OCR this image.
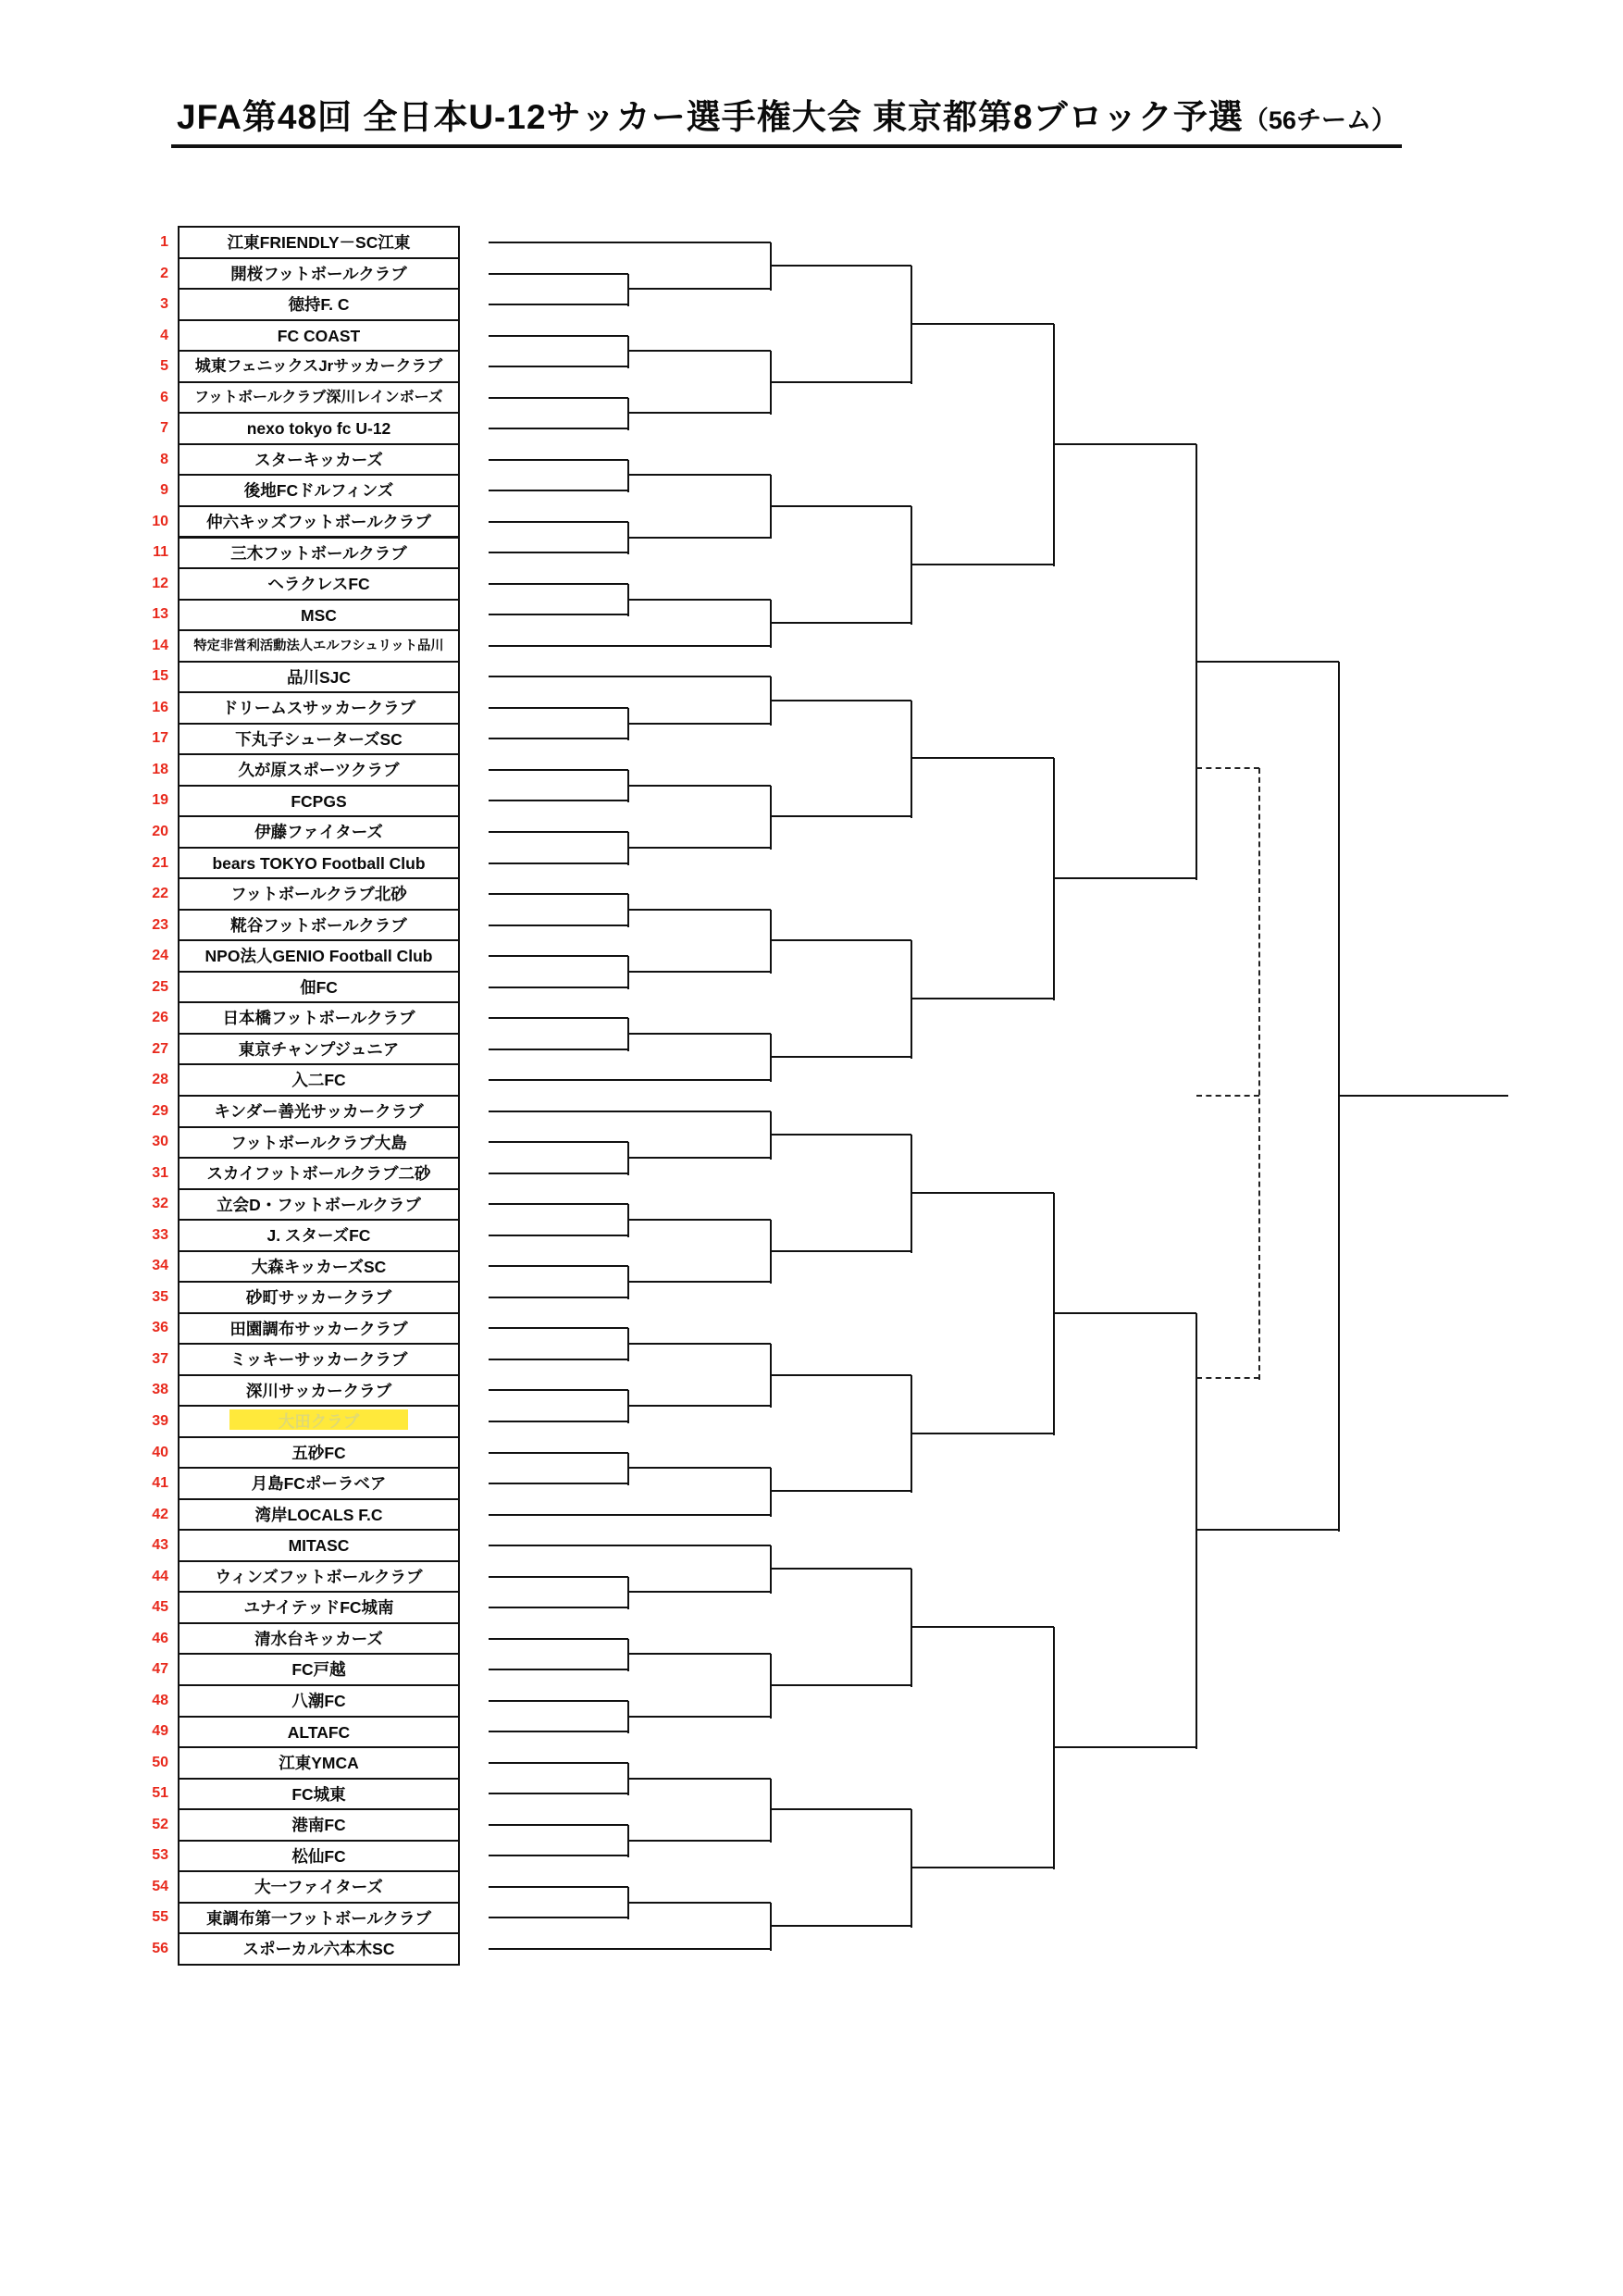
JFA第48回 全日本U-12サッカー選手権大会 東京都第8ブロック予選（56チーム）
1	江東FRIENDLY－SC江東
2	開桜フットボールクラブ
3	徳持F. C
4	FC COAST
5	城東フェニックスJrサッカークラブ
6	フットボールクラブ深川レインボーズ
7	nexo tokyo fc U-12
8	スターキッカーズ
9	後地FCドルフィンズ
10	仲六キッズフットボールクラブ
11	三木フットボールクラブ
12	ヘラクレスFC
13	MSC
14	特定非営利活動法人エルフシュリット品川
15	品川SJC
16	ドリームスサッカークラブ
17	下丸子シューターズSC
18	久が原スポーツクラブ
19	FCPGS
20	伊藤ファイターズ
21	bears TOKYO Football Club
22	フットボールクラブ北砂
23	糀谷フットボールクラブ
24	NPO法人GENIO Football Club
25	佃FC
26	日本橋フットボールクラブ
27	東京チャンプジュニア
28	入二FC
29	キンダー善光サッカークラブ
30	フットボールクラブ大島
31	スカイフットボールクラブ二砂
32	立会D・フットボールクラブ
33	J. スターズFC
34	大森キッカーズSC
35	砂町サッカークラブ
36	田園調布サッカークラブ
37	ミッキーサッカークラブ
38	深川サッカークラブ
39	大田クラブ
40	五砂FC
41	月島FCポーラベア
42	湾岸LOCALS F.C
43	MITASC
44	ウィンズフットボールクラブ
45	ユナイテッドFC城南
46	清水台キッカーズ
47	FC戸越
48	八潮FC
49	ALTAFC
50	江東YMCA
51	FC城東
52	港南FC
53	松仙FC
54	大一ファイターズ
55	東調布第一フットボールクラブ
56	スポーカル六本木SC
